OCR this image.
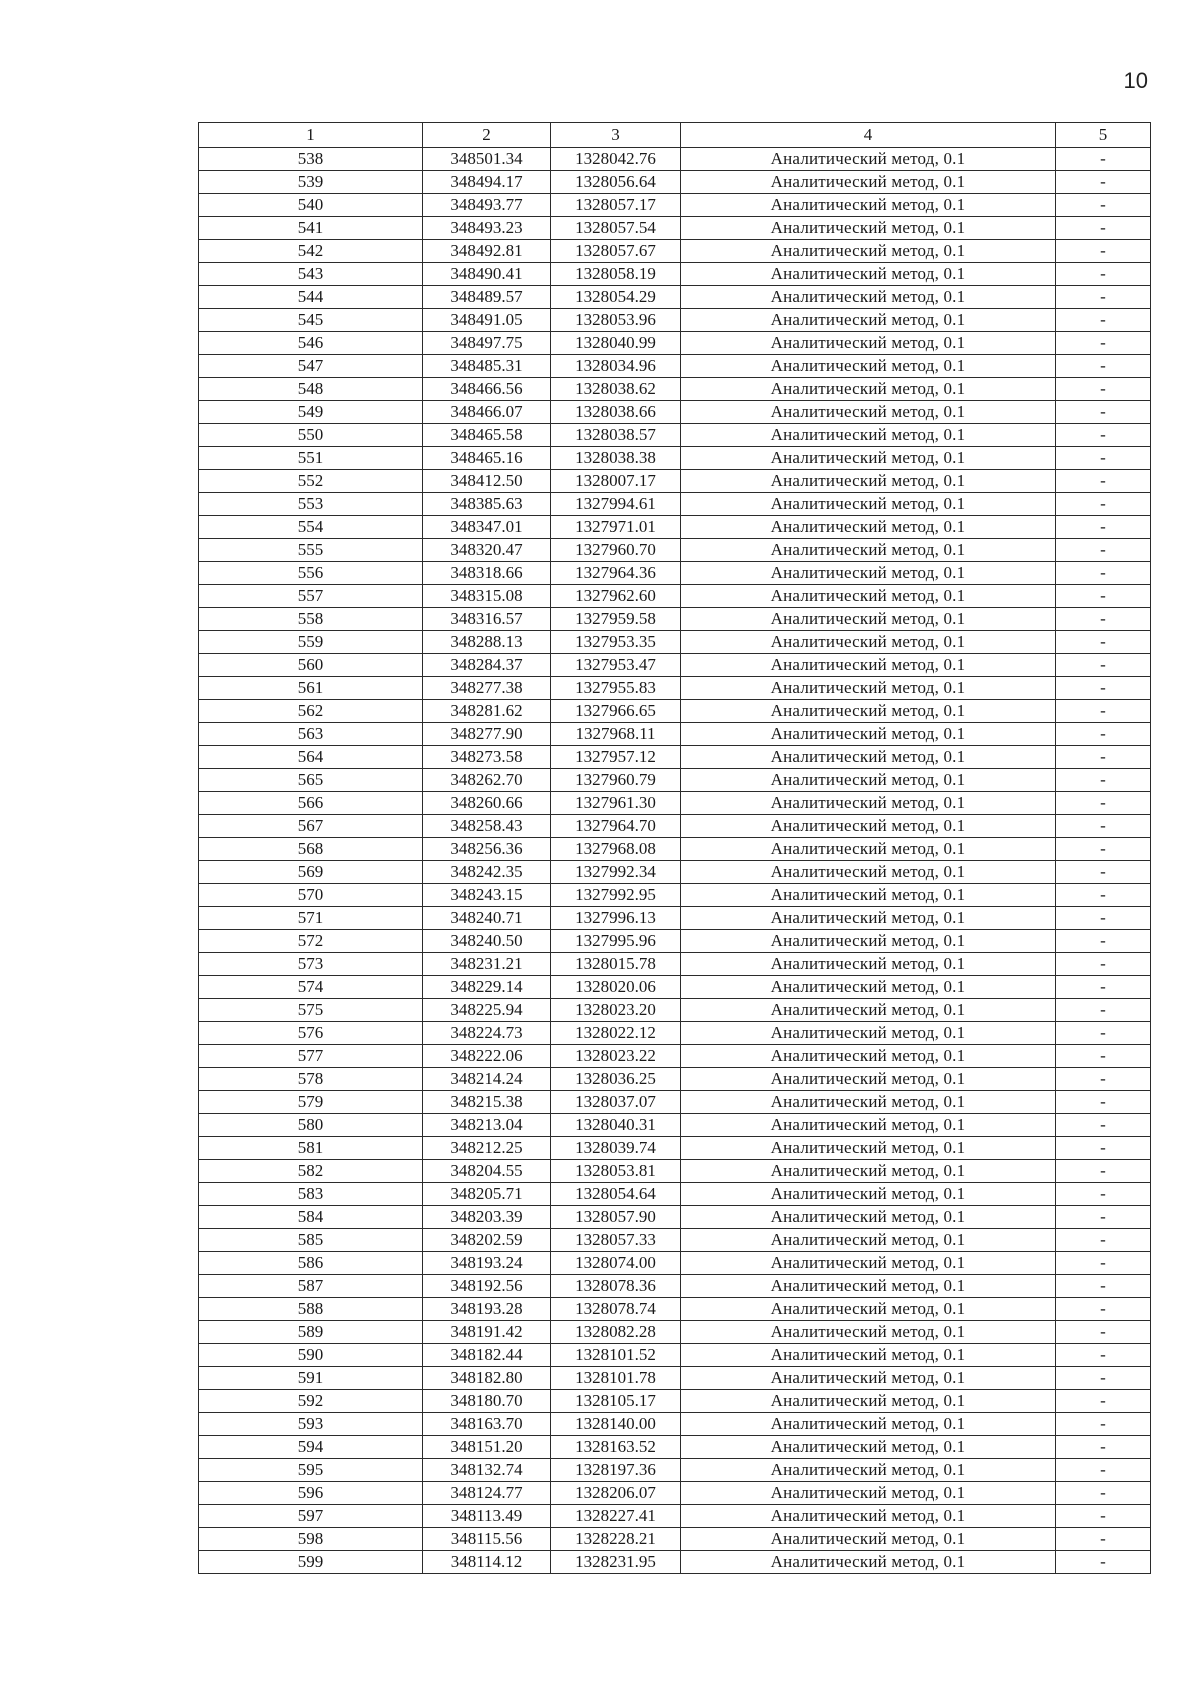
10
1	2	3	4	5
538	348501.34	1328042.76	Аналитический метод, 0.1	-
539	348494.17	1328056.64	Аналитический метод, 0.1	-
540	348493.77	1328057.17	Аналитический метод, 0.1	-
541	348493.23	1328057.54	Аналитический метод, 0.1	-
542	348492.81	1328057.67	Аналитический метод, 0.1	-
543	348490.41	1328058.19	Аналитический метод, 0.1	-
544	348489.57	1328054.29	Аналитический метод, 0.1	-
545	348491.05	1328053.96	Аналитический метод, 0.1	-
546	348497.75	1328040.99	Аналитический метод, 0.1	-
547	348485.31	1328034.96	Аналитический метод, 0.1	-
548	348466.56	1328038.62	Аналитический метод, 0.1	-
549	348466.07	1328038.66	Аналитический метод, 0.1	-
550	348465.58	1328038.57	Аналитический метод, 0.1	-
551	348465.16	1328038.38	Аналитический метод, 0.1	-
552	348412.50	1328007.17	Аналитический метод, 0.1	-
553	348385.63	1327994.61	Аналитический метод, 0.1	-
554	348347.01	1327971.01	Аналитический метод, 0.1	-
555	348320.47	1327960.70	Аналитический метод, 0.1	-
556	348318.66	1327964.36	Аналитический метод, 0.1	-
557	348315.08	1327962.60	Аналитический метод, 0.1	-
558	348316.57	1327959.58	Аналитический метод, 0.1	-
559	348288.13	1327953.35	Аналитический метод, 0.1	-
560	348284.37	1327953.47	Аналитический метод, 0.1	-
561	348277.38	1327955.83	Аналитический метод, 0.1	-
562	348281.62	1327966.65	Аналитический метод, 0.1	-
563	348277.90	1327968.11	Аналитический метод, 0.1	-
564	348273.58	1327957.12	Аналитический метод, 0.1	-
565	348262.70	1327960.79	Аналитический метод, 0.1	-
566	348260.66	1327961.30	Аналитический метод, 0.1	-
567	348258.43	1327964.70	Аналитический метод, 0.1	-
568	348256.36	1327968.08	Аналитический метод, 0.1	-
569	348242.35	1327992.34	Аналитический метод, 0.1	-
570	348243.15	1327992.95	Аналитический метод, 0.1	-
571	348240.71	1327996.13	Аналитический метод, 0.1	-
572	348240.50	1327995.96	Аналитический метод, 0.1	-
573	348231.21	1328015.78	Аналитический метод, 0.1	-
574	348229.14	1328020.06	Аналитический метод, 0.1	-
575	348225.94	1328023.20	Аналитический метод, 0.1	-
576	348224.73	1328022.12	Аналитический метод, 0.1	-
577	348222.06	1328023.22	Аналитический метод, 0.1	-
578	348214.24	1328036.25	Аналитический метод, 0.1	-
579	348215.38	1328037.07	Аналитический метод, 0.1	-
580	348213.04	1328040.31	Аналитический метод, 0.1	-
581	348212.25	1328039.74	Аналитический метод, 0.1	-
582	348204.55	1328053.81	Аналитический метод, 0.1	-
583	348205.71	1328054.64	Аналитический метод, 0.1	-
584	348203.39	1328057.90	Аналитический метод, 0.1	-
585	348202.59	1328057.33	Аналитический метод, 0.1	-
586	348193.24	1328074.00	Аналитический метод, 0.1	-
587	348192.56	1328078.36	Аналитический метод, 0.1	-
588	348193.28	1328078.74	Аналитический метод, 0.1	-
589	348191.42	1328082.28	Аналитический метод, 0.1	-
590	348182.44	1328101.52	Аналитический метод, 0.1	-
591	348182.80	1328101.78	Аналитический метод, 0.1	-
592	348180.70	1328105.17	Аналитический метод, 0.1	-
593	348163.70	1328140.00	Аналитический метод, 0.1	-
594	348151.20	1328163.52	Аналитический метод, 0.1	-
595	348132.74	1328197.36	Аналитический метод, 0.1	-
596	348124.77	1328206.07	Аналитический метод, 0.1	-
597	348113.49	1328227.41	Аналитический метод, 0.1	-
598	348115.56	1328228.21	Аналитический метод, 0.1	-
599	348114.12	1328231.95	Аналитический метод, 0.1	-
